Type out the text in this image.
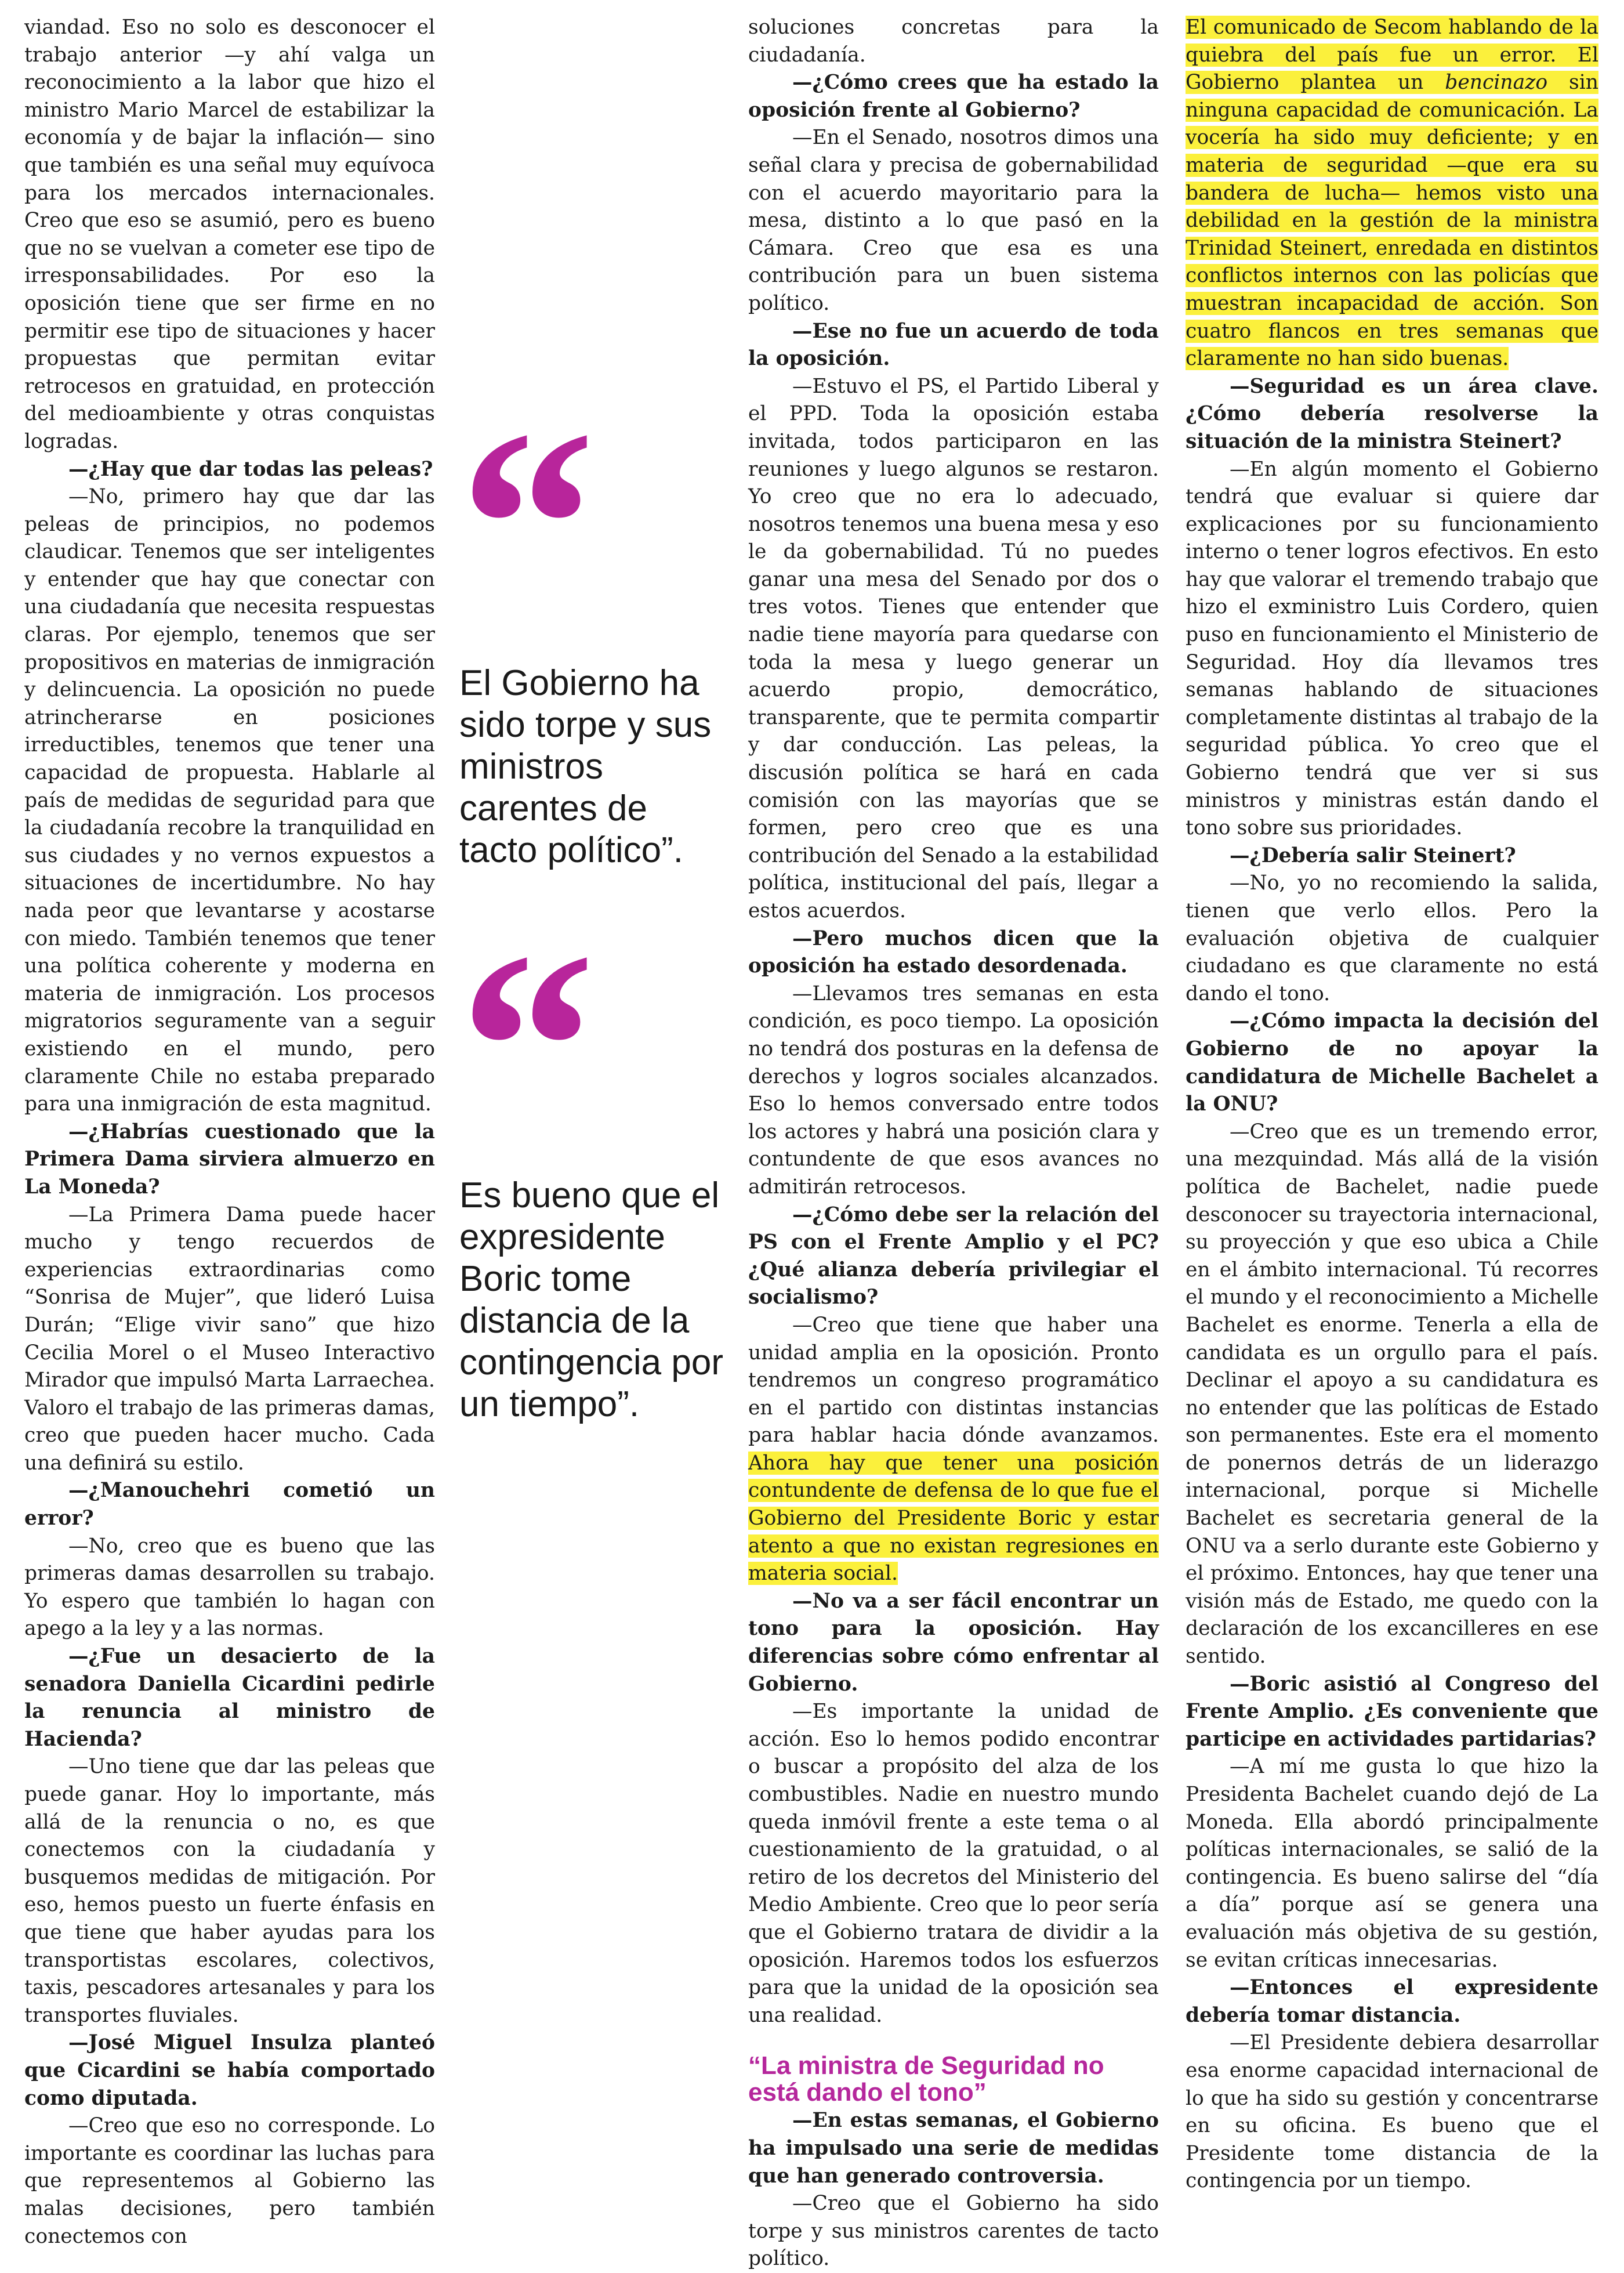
viandad. Eso no solo es desconocer el trabajo anterior —y ahí valga un reconocimiento a la labor que hizo el ministro Mario Marcel de estabilizar la economía y de bajar la inflación— sino que también es una señal muy equívoca para los mercados internacionales. Creo que eso se asumió, pero es bueno que no se vuelvan a cometer ese tipo de irresponsabilidades. Por eso la oposición tiene que ser firme en no permitir ese tipo de situaciones y hacer propuestas que permitan evitar retrocesos en gratuidad, en protección del medioambiente y otras conquistas logradas.

—¿Hay que dar todas las peleas?

—No, primero hay que dar las peleas de principios, no podemos claudicar. Tenemos que ser inteligentes y entender que hay que conectar con una ciudadanía que necesita respuestas claras. Por ejemplo, tenemos que ser propositivos en materias de inmigración y delincuencia. La oposición no puede atrincherarse en posiciones irreductibles, tenemos que tener una capacidad de propuesta. Hablarle al país de medidas de seguridad para que la ciudadanía recobre la tranquilidad en sus ciudades y no vernos expuestos a situaciones de incertidumbre. No hay nada peor que levantarse y acostarse con miedo. También tenemos que tener una política coherente y moderna en materia de inmigración. Los procesos migratorios seguramente van a seguir existiendo en el mundo, pero claramente Chile no estaba preparado para una inmigración de esta magnitud.

—¿Habrías cuestionado que la Primera Dama sirviera almuerzo en La Moneda?

—La Primera Dama puede hacer mucho y tengo recuerdos de experiencias extraordinarias como “Sonrisa de Mujer”, que lideró Luisa Durán; “Elige vivir sano” que hizo Cecilia Morel o el Museo Interactivo Mirador que impulsó Marta Larraechea. Valoro el trabajo de las primeras damas, creo que pueden hacer mucho. Cada una definirá su estilo.

—¿Manouchehri cometió un error?

—No, creo que es bueno que las primeras damas desarrollen su trabajo. Yo espero que también lo hagan con apego a la ley y a las normas.

—¿Fue un desacierto de la senadora Daniella Cicardini pedirle la renuncia al ministro de Hacienda?

—Uno tiene que dar las peleas que puede ganar. Hoy lo importante, más allá de la renuncia o no, es que conectemos con la ciudadanía y busquemos medidas de mitigación. Por eso, hemos puesto un fuerte énfasis en que tiene que haber ayudas para los transportistas escolares, colectivos, taxis, pescadores artesanales y para los transportes fluviales.

—José Miguel Insulza planteó que Cicardini se había comportado como diputada.

—Creo que eso no corresponde. Lo importante es coordinar las luchas para que representemos al Gobierno las malas decisiones, pero también conectemos con

“

El Gobierno ha sido torpe y sus ministros carentes de tacto político”.

“

Es bueno que el expresidente Boric tome distancia de la contingencia por un tiempo”.

soluciones concretas para la ciudadanía.

—¿Cómo crees que ha estado la oposición frente al Gobierno?

—En el Senado, nosotros dimos una señal clara y precisa de gobernabilidad con el acuerdo mayoritario para la mesa, distinto a lo que pasó en la Cámara. Creo que esa es una contribución para un buen sistema político.

—Ese no fue un acuerdo de toda la oposición.

—Estuvo el PS, el Partido Liberal y el PPD. Toda la oposición estaba invitada, todos participaron en las reuniones y luego algunos se restaron. Yo creo que no era lo adecuado, nosotros tenemos una buena mesa y eso le da gobernabilidad. Tú no puedes ganar una mesa del Senado por dos o tres votos. Tienes que entender que nadie tiene mayoría para quedarse con toda la mesa y luego generar un acuerdo propio, democrático, transparente, que te permita compartir y dar conducción. Las peleas, la discusión política se hará en cada comisión con las mayorías que se formen, pero creo que es una contribución del Senado a la estabilidad política, institucional del país, llegar a estos acuerdos.

—Pero muchos dicen que la oposición ha estado desordenada.

—Llevamos tres semanas en esta condición, es poco tiempo. La oposición no tendrá dos posturas en la defensa de derechos y logros sociales alcanzados. Eso lo hemos conversado entre todos los actores y habrá una posición clara y contundente de que esos avances no admitirán retrocesos.

—¿Cómo debe ser la relación del PS con el Frente Amplio y el PC? ¿Qué alianza debería privilegiar el socialismo?

—Creo que tiene que haber una unidad amplia en la oposición. Pronto tendremos un congreso programático en el partido con distintas instancias para hablar hacia dónde avanzamos. Ahora hay que tener una posición contundente de defensa de lo que fue el Gobierno del Presidente Boric y estar atento a que no existan regresiones en materia social.

—No va a ser fácil encontrar un tono para la oposición. Hay diferencias sobre cómo enfrentar al Gobierno.

—Es importante la unidad de acción. Eso lo hemos podido encontrar o buscar a propósito del alza de los combustibles. Nadie en nuestro mundo queda inmóvil frente a este tema o al cuestionamiento de la gratuidad, o al retiro de los decretos del Ministerio del Medio Ambiente. Creo que lo peor sería que el Gobierno tratara de dividir a la oposición. Haremos todos los esfuerzos para que la unidad de la oposición sea una realidad.

“La ministra de Seguridad no está dando el tono”

—En estas semanas, el Gobierno ha impulsado una serie de medidas que han generado controversia.

—Creo que el Gobierno ha sido torpe y sus ministros carentes de tacto político.

El comunicado de Secom hablando de la quiebra del país fue un error. El Gobierno plantea un bencinazo sin ninguna capacidad de comunicación. La vocería ha sido muy deficiente; y en materia de seguridad —que era su bandera de lucha— hemos visto una debilidad en la gestión de la ministra Trinidad Steinert, enredada en distintos conflictos internos con las policías que muestran incapacidad de acción. Son cuatro flancos en tres semanas que claramente no han sido buenas.

—Seguridad es un área clave. ¿Cómo debería resolverse la situación de la ministra Steinert?

—En algún momento el Gobierno tendrá que evaluar si quiere dar explicaciones por su funcionamiento interno o tener logros efectivos. En esto hay que valorar el tremendo trabajo que hizo el exministro Luis Cordero, quien puso en funcionamiento el Ministerio de Seguridad. Hoy día llevamos tres semanas hablando de situaciones completamente distintas al trabajo de la seguridad pública. Yo creo que el Gobierno tendrá que ver si sus ministros y ministras están dando el tono sobre sus prioridades.

—¿Debería salir Steinert?

—No, yo no recomiendo la salida, tienen que verlo ellos. Pero la evaluación objetiva de cualquier ciudadano es que claramente no está dando el tono.

—¿Cómo impacta la decisión del Gobierno de no apoyar la candidatura de Michelle Bachelet a la ONU?

—Creo que es un tremendo error, una mezquindad. Más allá de la visión política de Bachelet, nadie puede desconocer su trayectoria internacional, su proyección y que eso ubica a Chile en el ámbito internacional. Tú recorres el mundo y el reconocimiento a Michelle Bachelet es enorme. Tenerla a ella de candidata es un orgullo para el país. Declinar el apoyo a su candidatura es no entender que las políticas de Estado son permanentes. Este era el momento de ponernos detrás de un liderazgo internacional, porque si Michelle Bachelet es secretaria general de la ONU va a serlo durante este Gobierno y el próximo. Entonces, hay que tener una visión más de Estado, me quedo con la declaración de los excancilleres en ese sentido.

—Boric asistió al Congreso del Frente Amplio. ¿Es conveniente que participe en actividades partidarias?

—A mí me gusta lo que hizo la Presidenta Bachelet cuando dejó de La Moneda. Ella abordó principalmente políticas internacionales, se salió de la contingencia. Es bueno salirse del “día a día” porque así se genera una evaluación más objetiva de su gestión, se evitan críticas innecesarias.

—Entonces el expresidente debería tomar distancia.

—El Presidente debiera desarrollar esa enorme capacidad internacional de lo que ha sido su gestión y concentrarse en su oficina. Es bueno que el Presidente tome distancia de la contingencia por un tiempo.
